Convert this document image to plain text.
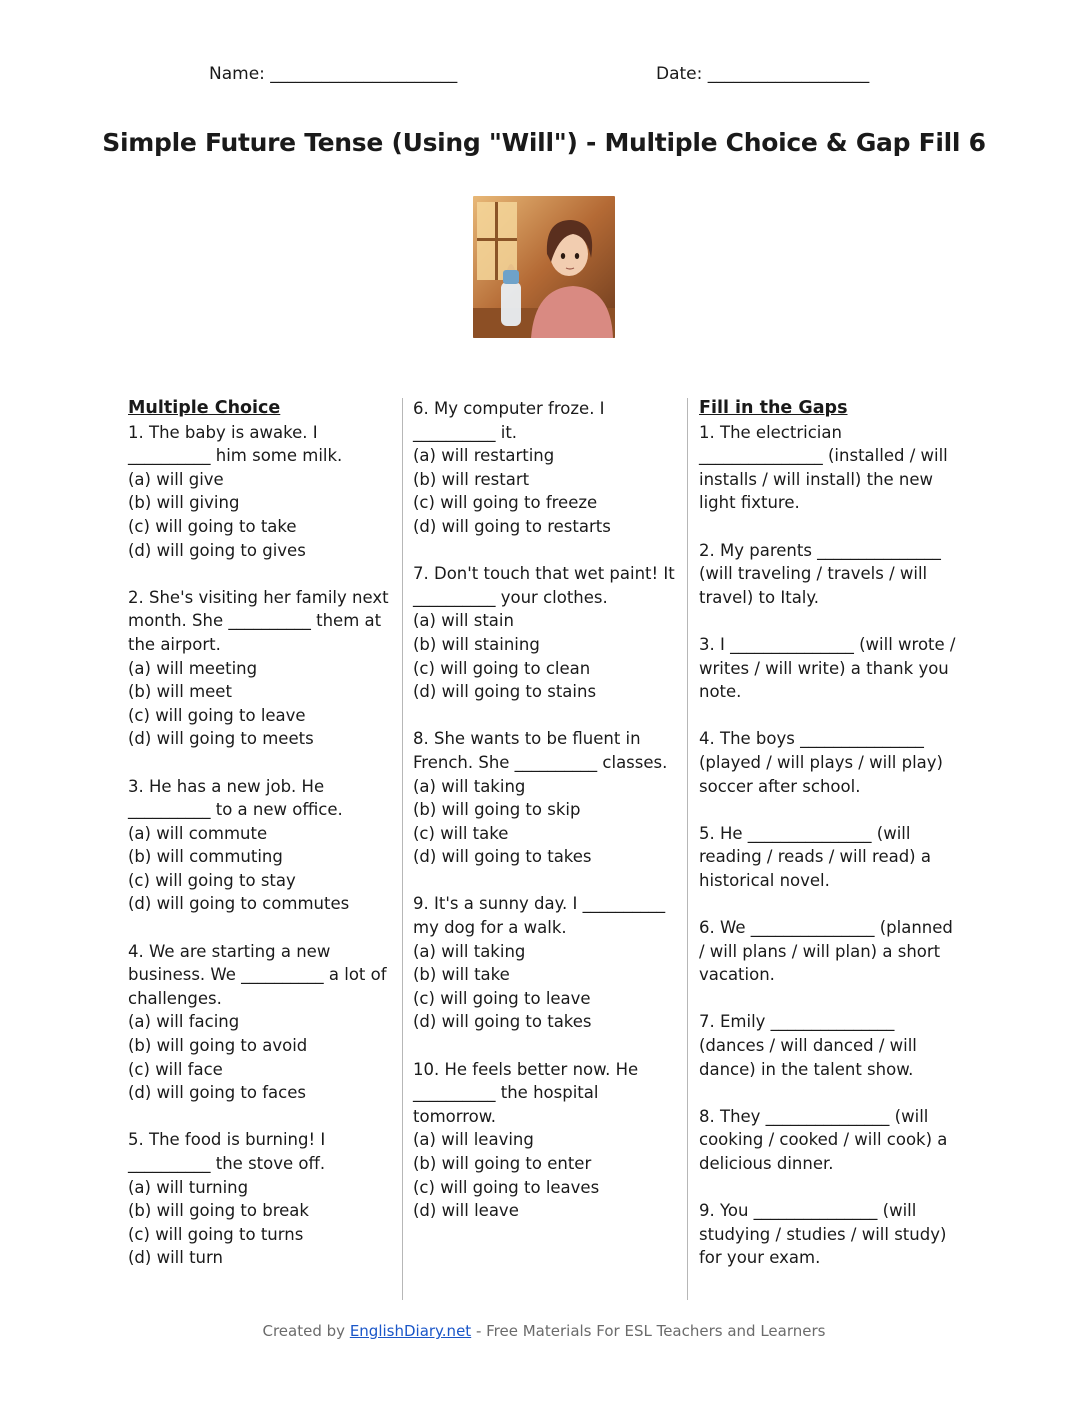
Name: ______________________	Date: ___________________
Simple Future Tense (Using "Will") - Multiple Choice & Gap Fill 6

Multiple Choice

1. The baby is awake. I __________ him some milk.

(a) will give

(b) will giving

(c) will going to take

(d) will going to gives

2. She's visiting her family next month. She __________ them at the airport.

(a) will meeting

(b) will meet

(c) will going to leave

(d) will going to meets

3. He has a new job. He __________ to a new office.

(a) will commute

(b) will commuting

(c) will going to stay

(d) will going to commutes

4. We are starting a new business. We __________ a lot of challenges.

(a) will facing

(b) will going to avoid

(c) will face

(d) will going to faces

5. The food is burning! I __________ the stove off.

(a) will turning

(b) will going to break

(c) will going to turns

(d) will turn

6. My computer froze. I __________ it.

(a) will restarting

(b) will restart

(c) will going to freeze

(d) will going to restarts

7. Don't touch that wet paint! It __________ your clothes.

(a) will stain

(b) will staining

(c) will going to clean

(d) will going to stains

8. She wants to be fluent in French. She __________ classes.

(a) will taking

(b) will going to skip

(c) will take

(d) will going to takes

9. It's a sunny day. I __________ my dog for a walk.

(a) will taking

(b) will take

(c) will going to leave

(d) will going to takes

10. He feels better now. He __________ the hospital tomorrow.

(a) will leaving

(b) will going to enter

(c) will going to leaves

(d) will leave

Fill in the Gaps

1. The electrician _______________ (installed / will installs / will install) the new light fixture.

2. My parents _______________ (will traveling / travels / will travel) to Italy.

3. I _______________ (will wrote / writes / will write) a thank you note.

4. The boys _______________ (played / will plays / will play) soccer after school.

5. He _______________ (will reading / reads / will read) a historical novel.

6. We _______________ (planned / will plans / will plan) a short vacation.

7. Emily _______________ (dances / will danced / will dance) in the talent show.

8. They _______________ (will cooking / cooked / will cook) a delicious dinner.

9. You _______________ (will studying / studies / will study) for your exam.

Created by EnglishDiary.net - Free Materials For ESL Teachers and Learners
